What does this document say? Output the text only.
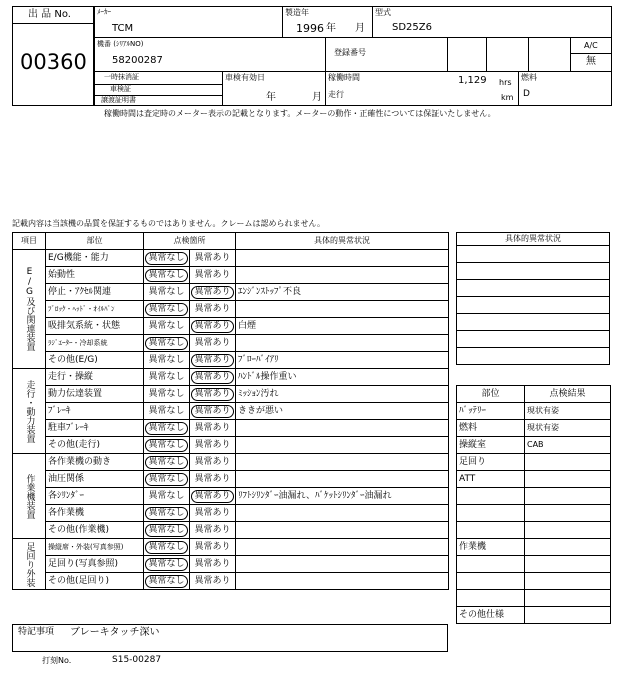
出 品 No.
00360
ﾒｰｶｰ
TCM
製造年
1996 年 月
型式
SD25Z6
機番 (ｼﾘｱﾙNO)
58200287
登録番号
A/C
無
一時抹消証
車検証
譲渡証明書
車検有効日
年	月
稼働時間	1,129 hrs
走行	km
燃料
D
稼働時間は査定時のメーター表示の記載となります。メーターの動作・正確性については保証いたしません。
記載内容は当該機の品質を保証するものではありません。クレームは認められません。
項目	部位	点検箇所		具体的異常状況

E/G及び関連装置	E/G機能・能力	異常なし	異常あり	
	始動性	異常なし	異常あり	
	停止・ｱｸｾﾙ関連	異常なし	異常あり	ｴﾝｼﾞﾝｽﾄｯﾌﾟ不良
	ﾌﾞﾛｯｸ・ﾍｯﾄﾞ・ｵｲﾙﾊﾟﾝ	異常なし	異常あり	
	吸排気系統・状態	異常なし	異常あり	白煙
	ﾗｼﾞｴｰﾀｰ・冷却系統	異常なし	異常あり	
	その他(E/G)	異常なし	異常あり	ﾌﾞﾛｰﾊﾞｲｱﾘ

走行・動力装置	走行・操縦	異常なし	異常あり	ﾊﾝﾄﾞﾙ操作重い
	動力伝達装置	異常なし	異常あり	ﾐｯｼｮﾝ汚れ
	ﾌﾞﾚｰｷ	異常なし	異常あり	ききが悪い
	駐車ﾌﾞﾚｰｷ	異常なし	異常あり	
	その他(走行)	異常なし	異常あり	

作業機装置	各作業機の動き	異常なし	異常あり	
	油圧関係	異常なし	異常あり	
	各ｼﾘﾝﾀﾞｰ	異常なし	異常あり	ﾘﾌﾄｼﾘﾝﾀﾞｰ油漏れ、ﾊﾞｹｯﾄｼﾘﾝﾀﾞｰ油漏れ
	各作業機	異常なし	異常あり	
	その他(作業機)	異常なし	異常あり	

足回り外装	操縦席・外装(写真参照)	異常なし	異常あり	
	足回り(写真参照)	異常なし	異常あり	
	その他(足回り)	異常なし	異常あり	
具体的異常状況

部位	点検結果
ﾊﾞｯﾃﾘｰ	現状有姿
燃料	現状有姿
操縦室	CAB
足回り	
ATT	

作業機	

その他仕様	
特記事項 ブレーキタッチ深い
打刻No.	S15-00287
